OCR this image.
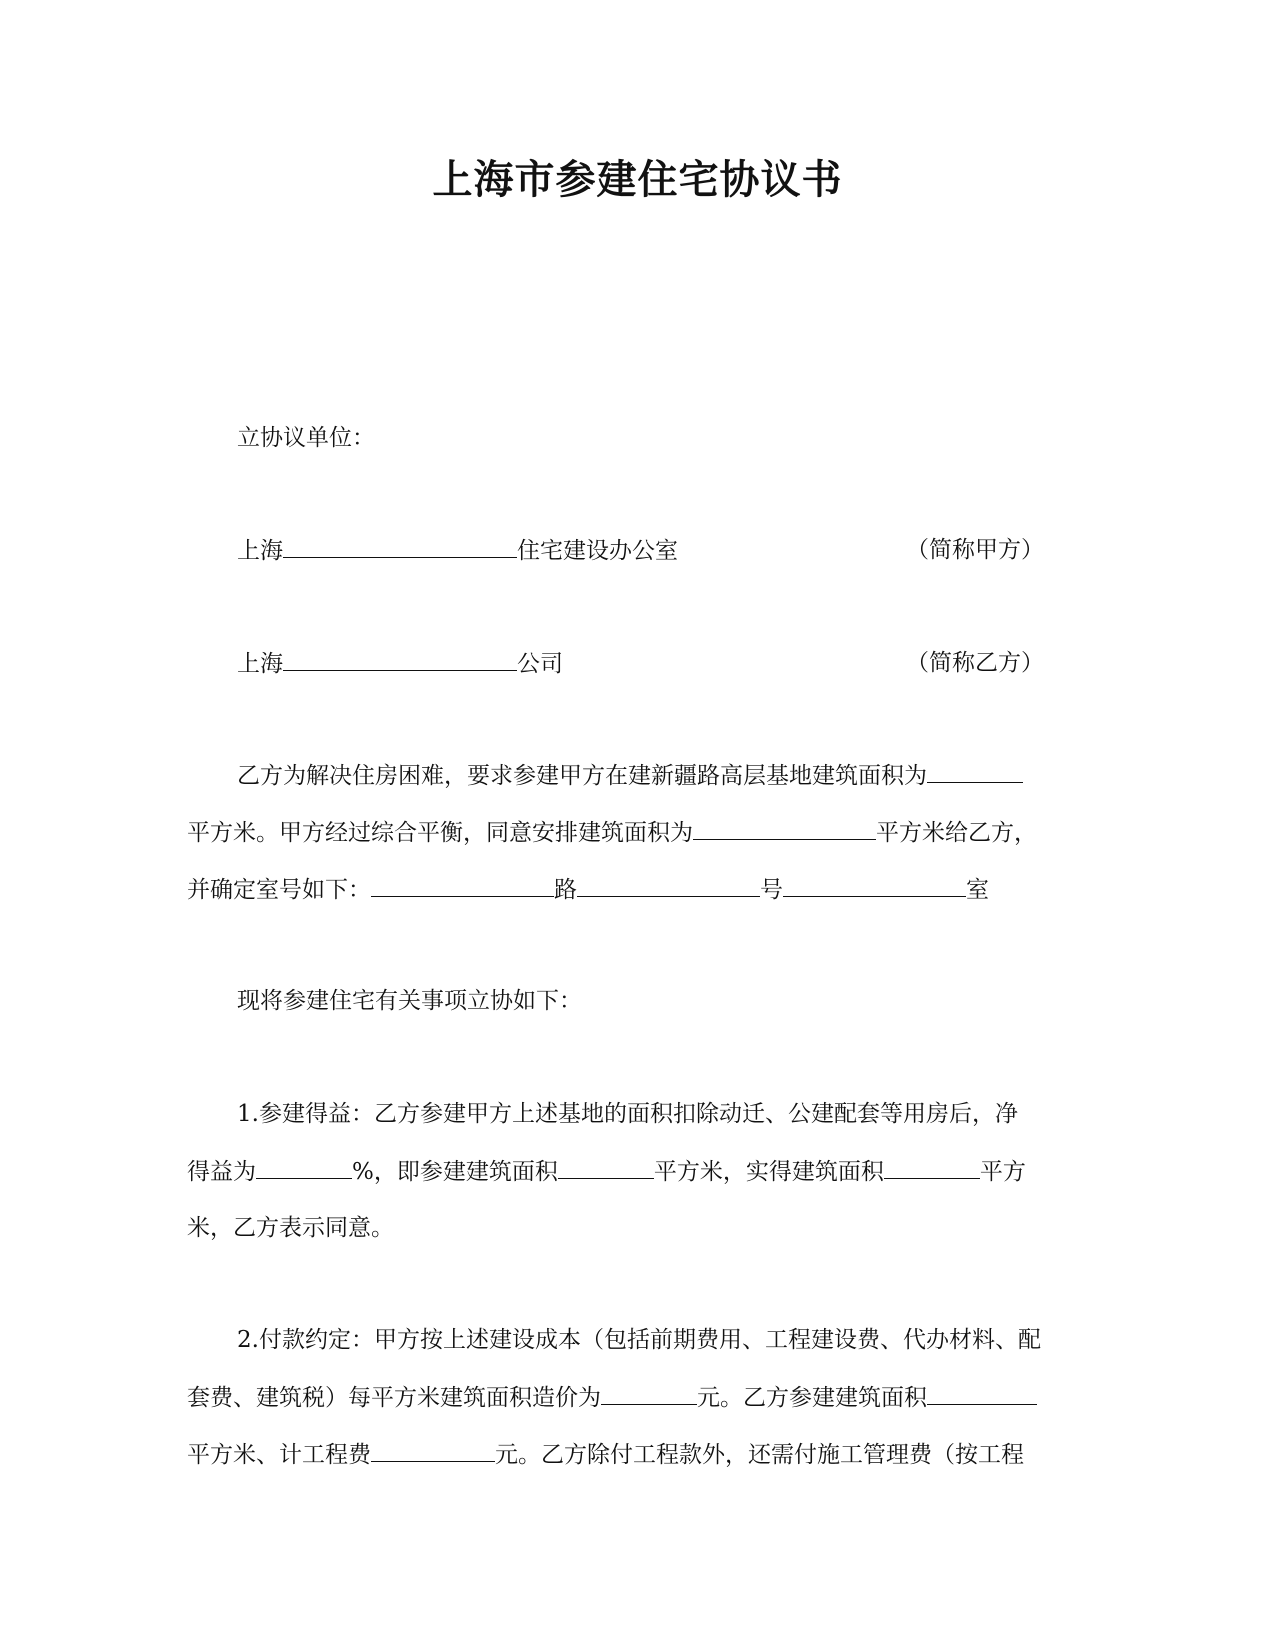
上海市参建住宅协议书
立协议单位：
上海	住宅建设办公室	（简称甲方）
上海	公司	（简称乙方）
乙方为解决住房困难，要求参建甲方在建新疆路高层基地建筑面积为
平方米。甲方经过综合平衡，同意安排建筑面积为	平方米给乙方，
并确定室号如下：	路	号	室
现将参建住宅有关事项立协如下：
1.参建得益：乙方参建甲方上述基地的面积扣除动迁、公建配套等用房后，净
得益为	%，即参建建筑面积	平方米，实得建筑面积	平方
米，乙方表示同意。
2.付款约定：甲方按上述建设成本（包括前期费用、工程建设费、代办材料、配
套费、建筑税）每平方米建筑面积造价为	元。乙方参建建筑面积
平方米、计工程费	元。乙方除付工程款外，还需付施工管理费（按工程
